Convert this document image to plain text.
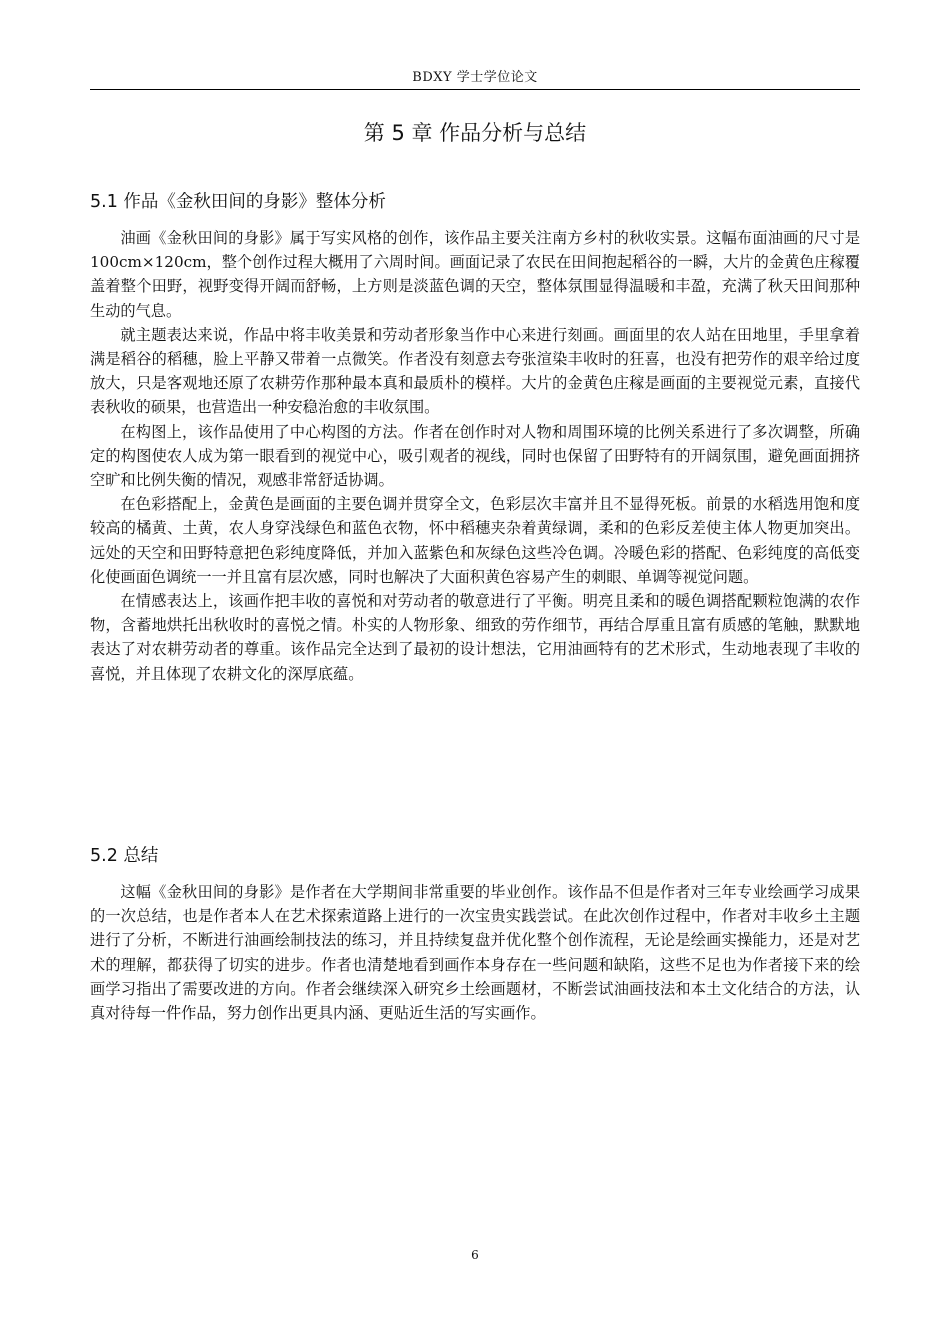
BDXY 学士学位论文
第 5 章 作品分析与总结
5.1 作品《金秋田间的身影》整体分析

油画《金秋田间的身影》属于写实风格的创作，该作品主要关注南方乡村的秋收实景。这幅布面油画的尺寸是 100cm×120cm，整个创作过程大概用了六周时间。画面记录了农民在田间抱起稻谷的一瞬，大片的金黄色庄稼覆盖着整个田野，视野变得开阔而舒畅，上方则是淡蓝色调的天空，整体氛围显得温暖和丰盈，充满了秋天田间那种生动的气息。

就主题表达来说，作品中将丰收美景和劳动者形象当作中心来进行刻画。画面里的农人站在田地里，手里拿着满是稻谷的稻穗，脸上平静又带着一点微笑。作者没有刻意去夸张渲染丰收时的狂喜，也没有把劳作的艰辛给过度放大，只是客观地还原了农耕劳作那种最本真和最质朴的模样。大片的金黄色庄稼是画面的主要视觉元素，直接代表秋收的硕果，也营造出一种安稳治愈的丰收氛围。

在构图上，该作品使用了中心构图的方法。作者在创作时对人物和周围环境的比例关系进行了多次调整，所确定的构图使农人成为第一眼看到的视觉中心，吸引观者的视线，同时也保留了田野特有的开阔氛围，避免画面拥挤空旷和比例失衡的情况，观感非常舒适协调。

在色彩搭配上，金黄色是画面的主要色调并贯穿全文，色彩层次丰富并且不显得死板。前景的水稻选用饱和度较高的橘黄、土黄，农人身穿浅绿色和蓝色衣物，怀中稻穗夹杂着黄绿调，柔和的色彩反差使主体人物更加突出。远处的天空和田野特意把色彩纯度降低，并加入蓝紫色和灰绿色这些冷色调。冷暖色彩的搭配、色彩纯度的高低变化使画面色调统一一并且富有层次感，同时也解决了大面积黄色容易产生的刺眼、单调等视觉问题。

在情感表达上，该画作把丰收的喜悦和对劳动者的敬意进行了平衡。明亮且柔和的暖色调搭配颗粒饱满的农作物，含蓄地烘托出秋收时的喜悦之情。朴实的人物形象、细致的劳作细节，再结合厚重且富有质感的笔触，默默地表达了对农耕劳动者的尊重。该作品完全达到了最初的设计想法，它用油画特有的艺术形式，生动地表现了丰收的喜悦，并且体现了农耕文化的深厚底蕴。

5.2 总结

这幅《金秋田间的身影》是作者在大学期间非常重要的毕业创作。该作品不但是作者对三年专业绘画学习成果的一次总结，也是作者本人在艺术探索道路上进行的一次宝贵实践尝试。在此次创作过程中，作者对丰收乡土主题进行了分析，不断进行油画绘制技法的练习，并且持续复盘并优化整个创作流程，无论是绘画实操能力，还是对艺术的理解，都获得了切实的进步。作者也清楚地看到画作本身存在一些问题和缺陷，这些不足也为作者接下来的绘画学习指出了需要改进的方向。作者会继续深入研究乡土绘画题材，不断尝试油画技法和本土文化结合的方法，认真对待每一件作品，努力创作出更具内涵、更贴近生活的写实画作。

6
